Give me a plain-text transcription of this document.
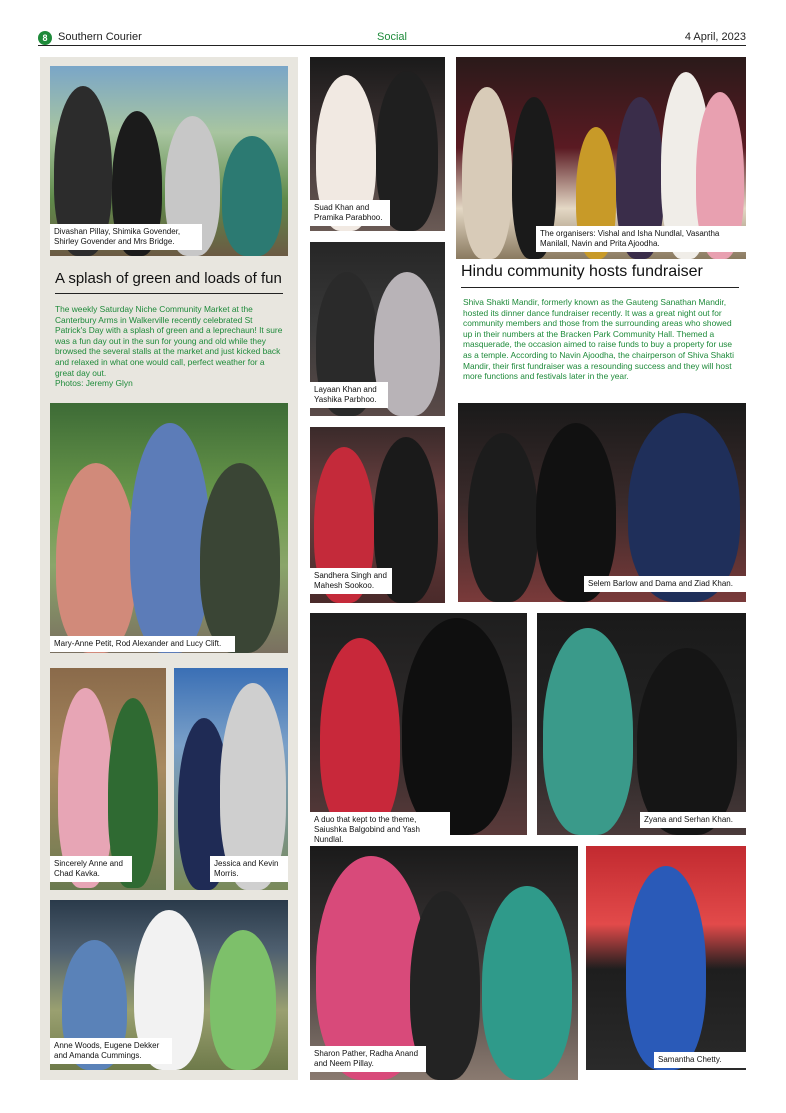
8 Southern Courier	Social	4 April, 2023
Divashan Pillay, Shimika Govender, Shirley Govender and Mrs Bridge.
A splash of green and loads of fun
The weekly Saturday Niche Community Market at the Canterbury Arms in Walkerville recently celebrated St Patrick's Day with a splash of green and a leprechaun! It sure was a fun day out in the sun for young and old while they browsed the several stalls at the market and just kicked back and relaxed in what one would call, perfect weather for a great day out.
Photos: Jeremy Glyn
Mary-Anne Petit, Rod Alexander and Lucy Clift.
Sincerely Anne and Chad Kavka.
Jessica and Kevin Morris.
Anne Woods, Eugene Dekker and Amanda Cummings.
Suad Khan and Pramika Parabhoo.
Layaan Khan and Yashika Parbhoo.
Sandhera Singh and Mahesh Sookoo.
A duo that kept to the theme, Saiushka Balgobind and Yash Nundlal.
Sharon Pather, Radha Anand and Neem Pillay.
The organisers: Vishal and Isha Nundlal, Vasantha Manilall, Navin and Prita Ajoodha.
Hindu community hosts fundraiser
Shiva Shakti Mandir, formerly known as the Gauteng Sanathan Mandir, hosted its dinner dance fundraiser recently. It was a great night out for community members and those from the surrounding areas who showed up in their numbers at the Bracken Park Community Hall. Themed a masquerade, the occasion aimed to raise funds to buy a property for use as a temple. According to Navin Ajoodha, the chairperson of Shiva Shakti Mandir, their first fundraiser was a resounding success and they will host more functions and festivals later in the year.
Selem Barlow and Dama and Ziad Khan.
Zyana and Serhan Khan.
Samantha Chetty.
